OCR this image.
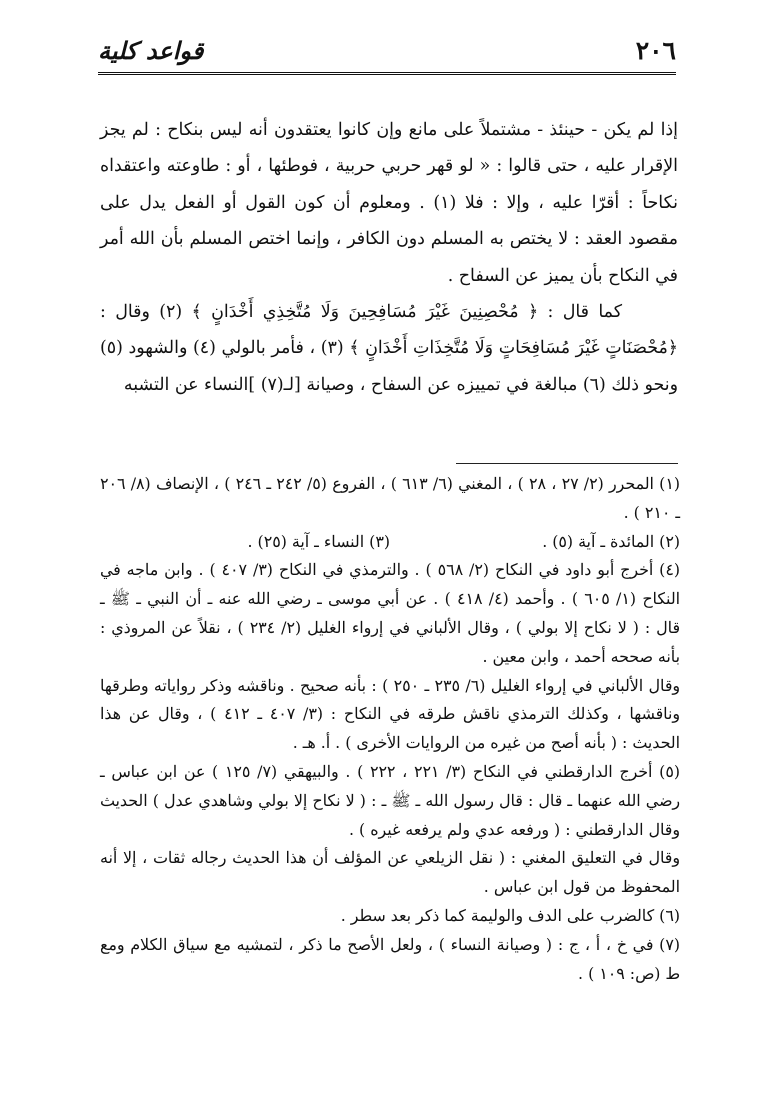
٢٠٦
قواعد كلية

إذا لم يكن - حينئذ - مشتملاً على مانع وإن كانوا يعتقدون أنه ليس بنكاح : لم يجز الإقرار عليه ، حتى قالوا : « لو قهر حربي حربية ، فوطئها ، أو : طاوعته واعتقداه نكاحاً : أقرّا عليه ، وإلا : فلا (١) . ومعلوم أن كون القول أو الفعل يدل على مقصود العقد : لا يختص به المسلم دون الكافر ، وإنما اختص المسلم بأن الله أمر في النكاح بأن يميز عن السفاح .

كما قال : ﴿ مُحْصِنِينَ غَيْرَ مُسَافِحِينَ وَلَا مُتَّخِذِي أَخْدَانٍ ﴾ (٢) وقال : ﴿مُحْصَنَاتٍ غَيْرَ مُسَافِحَاتٍ وَلَا مُتَّخِذَاتِ أَخْدَانٍ ﴾ (٣) ، فأمر بالولي (٤) والشهود (٥) ونحو ذلك (٦) مبالغة في تمييزه عن السفاح ، وصيانة [لـ(٧) ]النساء عن التشبه

(١) المحرر (٢/ ٢٧ ، ٢٨ ) ، المغني (٦/ ٦١٣ ) ، الفروع (٥/ ٢٤٢ ـ ٢٤٦ ) ، الإنصاف (٨/ ٢٠٦ ـ ٢١٠ ) .

(٢) المائدة ـ آية (٥) .
(٣) النساء ـ آية (٢٥) .

(٤) أخرج أبو داود في النكاح (٢/ ٥٦٨ ) . والترمذي في النكاح (٣/ ٤٠٧ ) . وابن ماجه في النكاح (١/ ٦٠٥ ) . وأحمد (٤/ ٤١٨ ) . عن أبي موسى ـ رضي الله عنه ـ أن النبي ـ ﷺ ـ قال : ( لا نكاح إلا بولي ) ، وقال الألباني في إرواء الغليل (٢/ ٢٣٤ ) ، نقلاً عن المروذي : بأنه صححه أحمد ، وابن معين .

وقال الألباني في إرواء الغليل (٦/ ٢٣٥ ـ ٢٥٠ ) : بأنه صحيح . وناقشه وذكر رواياته وطرقها وناقشها ، وكذلك الترمذي ناقش طرقه في النكاح : (٣/ ٤٠٧ ـ ٤١٢ ) ، وقال عن هذا الحديث : ( بأنه أصح من غيره من الروايات الأخرى ) . أ. هـ .

(٥) أخرج الدارقطني في النكاح (٣/ ٢٢١ ، ٢٢٢ ) . والبيهقي (٧/ ١٢٥ ) عن ابن عباس ـ رضي الله عنهما ـ قال : قال رسول الله ـ ﷺ ـ : ( لا نكاح إلا بولي وشاهدي عدل ) الحديث وقال الدارقطني : ( ورفعه عدي ولم يرفعه غيره ) .

وقال في التعليق المغني : ( نقل الزيلعي عن المؤلف أن هذا الحديث رجاله ثقات ، إلا أنه المحفوظ من قول ابن عباس .

(٦) كالضرب على الدف والوليمة كما ذكر بعد سطر .

(٧) في خ ، أ ، ج : ( وصيانة النساء ) ، ولعل الأصح ما ذكر ، لتمشيه مع سياق الكلام ومع ط (ص: ١٠٩ ) .
